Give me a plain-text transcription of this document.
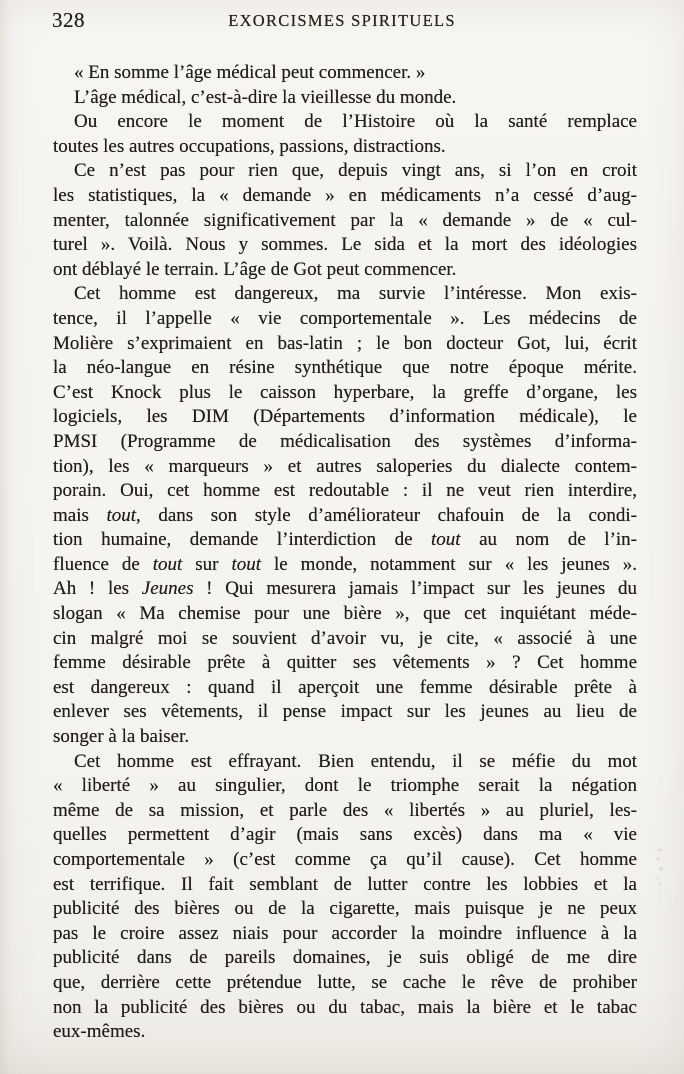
328	EXORCISMES SPIRITUELS
« En somme l’âge médical peut commencer. »
L’âge médical, c’est-à-dire la vieillesse du monde.
Ou encore le moment de l’Histoire où la santé remplace
toutes les autres occupations, passions, distractions.
Ce n’est pas pour rien que, depuis vingt ans, si l’on en croit
les statistiques, la « demande » en médicaments n’a cessé d’aug-
menter, talonnée significativement par la « demande » de « cul-
turel ». Voilà. Nous y sommes. Le sida et la mort des idéologies
ont déblayé le terrain. L’âge de Got peut commencer.
Cet homme est dangereux, ma survie l’intéresse. Mon exis-
tence, il l’appelle « vie comportementale ». Les médecins de
Molière s’exprimaient en bas-latin ; le bon docteur Got, lui, écrit
la néo-langue en résine synthétique que notre époque mérite.
C’est Knock plus le caisson hyperbare, la greffe d’organe, les
logiciels, les DIM (Départements d’information médicale), le
PMSI (Programme de médicalisation des systèmes d’informa-
tion), les « marqueurs » et autres saloperies du dialecte contem-
porain. Oui, cet homme est redoutable : il ne veut rien interdire,
mais tout, dans son style d’améliorateur chafouin de la condi-
tion humaine, demande l’interdiction de tout au nom de l’in-
fluence de tout sur tout le monde, notamment sur « les jeunes ».
Ah ! les Jeunes ! Qui mesurera jamais l’impact sur les jeunes du
slogan « Ma chemise pour une bière », que cet inquiétant méde-
cin malgré moi se souvient d’avoir vu, je cite, « associé à une
femme désirable prête à quitter ses vêtements » ? Cet homme
est dangereux : quand il aperçoit une femme désirable prête à
enlever ses vêtements, il pense impact sur les jeunes au lieu de
songer à la baiser.
Cet homme est effrayant. Bien entendu, il se méfie du mot
« liberté » au singulier, dont le triomphe serait la négation
même de sa mission, et parle des « libertés » au pluriel, les-
quelles permettent d’agir (mais sans excès) dans ma « vie
comportementale » (c’est comme ça qu’il cause). Cet homme
est terrifique. Il fait semblant de lutter contre les lobbies et la
publicité des bières ou de la cigarette, mais puisque je ne peux
pas le croire assez niais pour accorder la moindre influence à la
publicité dans de pareils domaines, je suis obligé de me dire
que, derrière cette prétendue lutte, se cache le rêve de prohiber
non la publicité des bières ou du tabac, mais la bière et le tabac
eux-mêmes.
